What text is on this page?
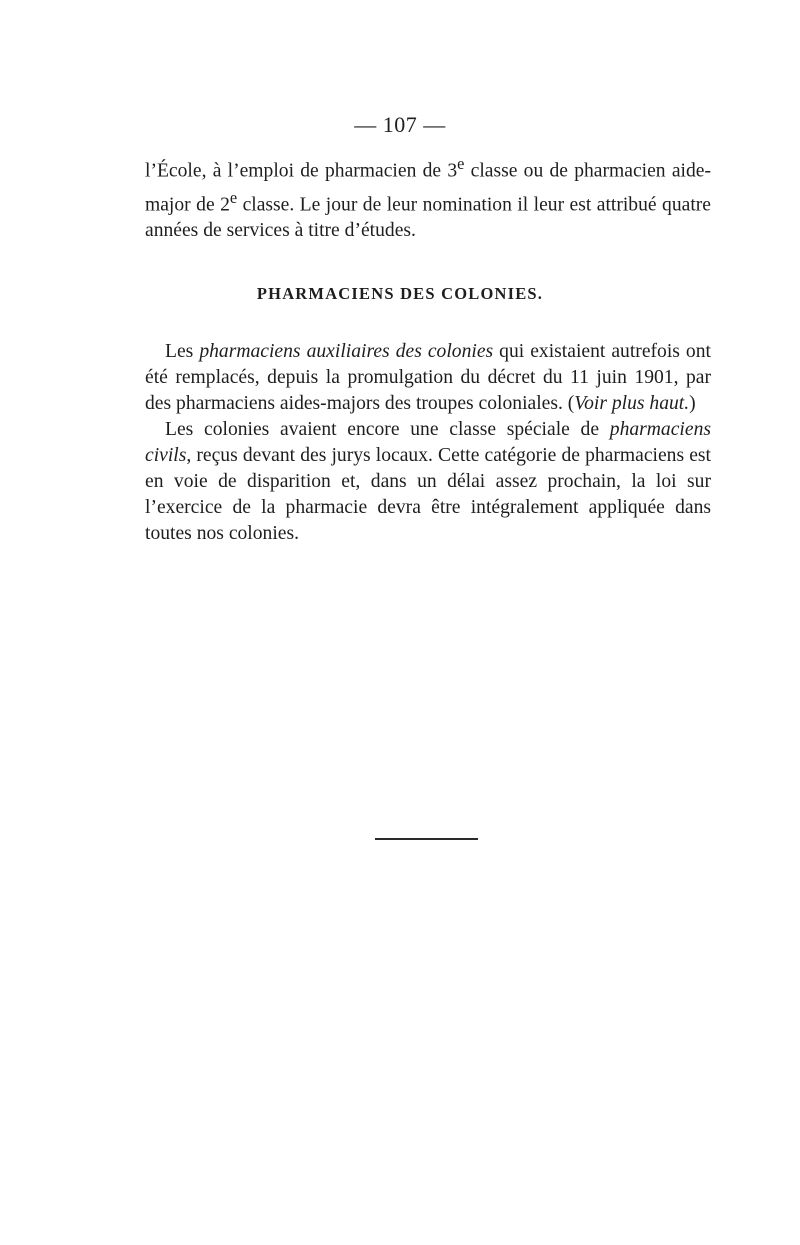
— 107 —

l’École, à l’emploi de pharmacien de 3e classe ou de pharmacien aide-major de 2e classe. Le jour de leur nomination il leur est attribué quatre années de services à titre d’études.

PHARMACIENS DES COLONIES.

Les pharmaciens auxiliaires des colonies qui existaient autrefois ont été remplacés, depuis la promulgation du décret du 11 juin 1901, par des pharmaciens aides-majors des troupes coloniales. (Voir plus haut.)

Les colonies avaient encore une classe spéciale de pharmaciens civils, reçus devant des jurys locaux. Cette catégorie de pharmaciens est en voie de disparition et, dans un délai assez prochain, la loi sur l’exercice de la pharmacie devra être intégralement appliquée dans toutes nos colonies.
